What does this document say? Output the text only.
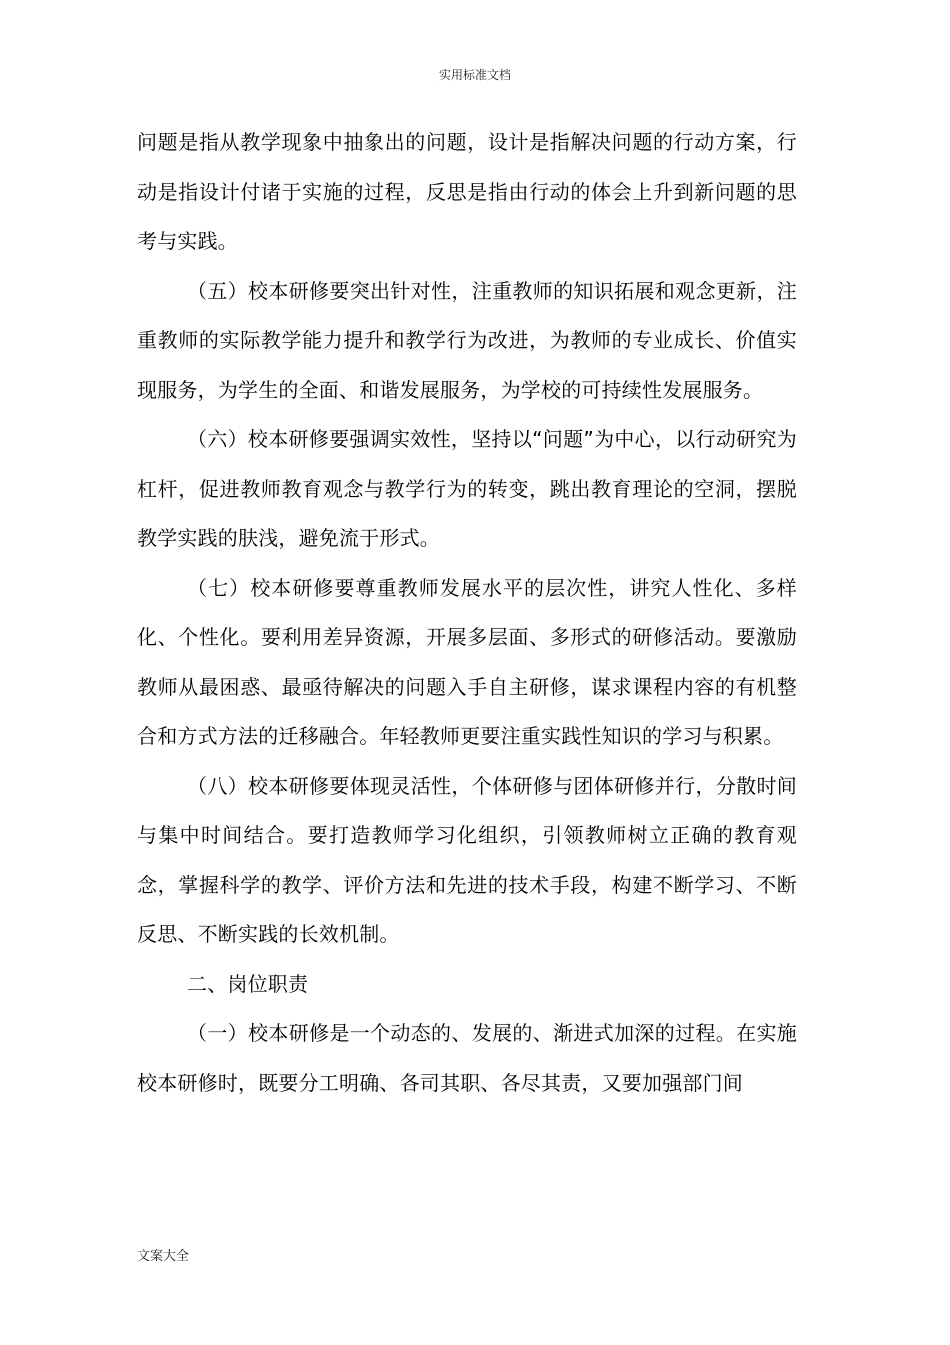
实用标准文档

问题是指从教学现象中抽象出的问题，设计是指解决问题的行动方案，行动是指设计付诸于实施的过程，反思是指由行动的体会上升到新问题的思考与实践。

（五）校本研修要突出针对性，注重教师的知识拓展和观念更新，注重教师的实际教学能力提升和教学行为改进，为教师的专业成长、价值实现服务，为学生的全面、和谐发展服务，为学校的可持续性发展服务。

（六）校本研修要强调实效性，坚持以“问题”为中心，以行动研究为杠杆，促进教师教育观念与教学行为的转变，跳出教育理论的空洞，摆脱教学实践的肤浅，避免流于形式。

（七）校本研修要尊重教师发展水平的层次性，讲究人性化、多样化、个性化。要利用差异资源，开展多层面、多形式的研修活动。要激励教师从最困惑、最亟待解决的问题入手自主研修，谋求课程内容的有机整合和方式方法的迁移融合。年轻教师更要注重实践性知识的学习与积累。

（八）校本研修要体现灵活性，个体研修与团体研修并行，分散时间与集中时间结合。要打造教师学习化组织，引领教师树立正确的教育观念，掌握科学的教学、评价方法和先进的技术手段，构建不断学习、不断反思、不断实践的长效机制。

二、岗位职责

（一）校本研修是一个动态的、发展的、渐进式加深的过程。在实施校本研修时，既要分工明确、各司其职、各尽其责，又要加强部门间

文案大全
